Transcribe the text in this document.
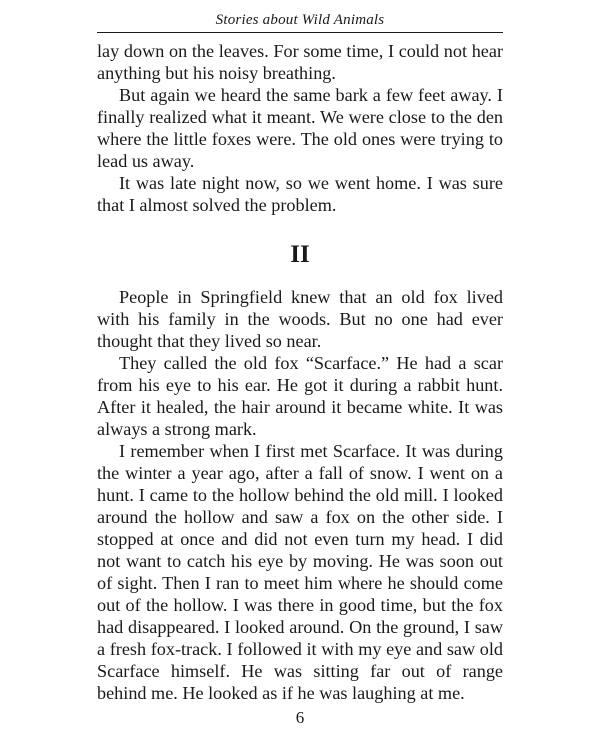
Stories about Wild Animals

lay down on the leaves. For some time, I could not hear anything but his noisy breathing.

But again we heard the same bark a few feet away. I finally realized what it meant. We were close to the den where the little foxes were. The old ones were trying to lead us away.

It was late night now, so we went home. I was sure that I almost solved the problem.

II

People in Springfield knew that an old fox lived with his family in the woods. But no one had ever thought that they lived so near.

They called the old fox “Scarface.” He had a scar from his eye to his ear. He got it during a rabbit hunt. After it healed, the hair around it became white. It was always a strong mark.

I remember when I first met Scarface. It was during the winter a year ago, after a fall of snow. I went on a hunt. I came to the hollow behind the old mill. I looked around the hollow and saw a fox on the other side. I stopped at once and did not even turn my head. I did not want to catch his eye by moving. He was soon out of sight. Then I ran to meet him where he should come out of the hollow. I was there in good time, but the fox had disappeared. I looked around. On the ground, I saw a fresh fox-track. I followed it with my eye and saw old Scarface himself. He was sitting far out of range behind me. He looked as if he was laughing at me.

6
